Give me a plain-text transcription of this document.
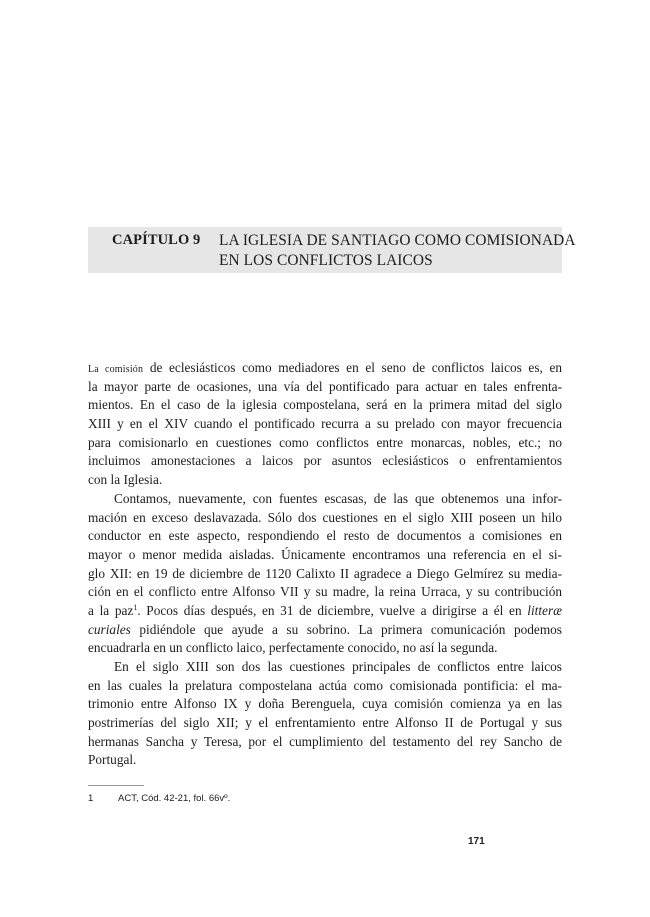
CAPÍTULO 9 LA IGLESIA DE SANTIAGO COMO COMISIONADA
EN LOS CONFLICTOS LAICOS
La comisión de eclesiásticos como mediadores en el seno de conflictos laicos es, en
la mayor parte de ocasiones, una vía del pontificado para actuar en tales enfrenta-
mientos. En el caso de la iglesia compostelana, será en la primera mitad del siglo
XIII y en el XIV cuando el pontificado recurra a su prelado con mayor frecuencia
para comisionarlo en cuestiones como conflictos entre monarcas, nobles, etc.; no
incluimos amonestaciones a laicos por asuntos eclesiásticos o enfrentamientos
con la Iglesia.
Contamos, nuevamente, con fuentes escasas, de las que obtenemos una infor-
mación en exceso deslavazada. Sólo dos cuestiones en el siglo XIII poseen un hilo
conductor en este aspecto, respondiendo el resto de documentos a comisiones en
mayor o menor medida aisladas. Únicamente encontramos una referencia en el si-
glo XII: en 19 de diciembre de 1120 Calixto II agradece a Diego Gelmírez su media-
ción en el conflicto entre Alfonso VII y su madre, la reina Urraca, y su contribución
a la paz$^1$. Pocos días después, en 31 de diciembre, vuelve a dirigirse a él en litteræ
curiales pidiéndole que ayude a su sobrino. La primera comunicación podemos
encuadrarla en un conflicto laico, perfectamente conocido, no así la segunda.
En el siglo XIII son dos las cuestiones principales de conflictos entre laicos
en las cuales la prelatura compostelana actúa como comisionada pontificia: el ma-
trimonio entre Alfonso IX y doña Berenguela, cuya comisión comienza ya en las
postrimerías del siglo XII; y el enfrentamiento entre Alfonso II de Portugal y sus
hermanas Sancha y Teresa, por el cumplimiento del testamento del rey Sancho de
Portugal.
1	ACT, Cód. 42-21, fol. 66vº.
171
